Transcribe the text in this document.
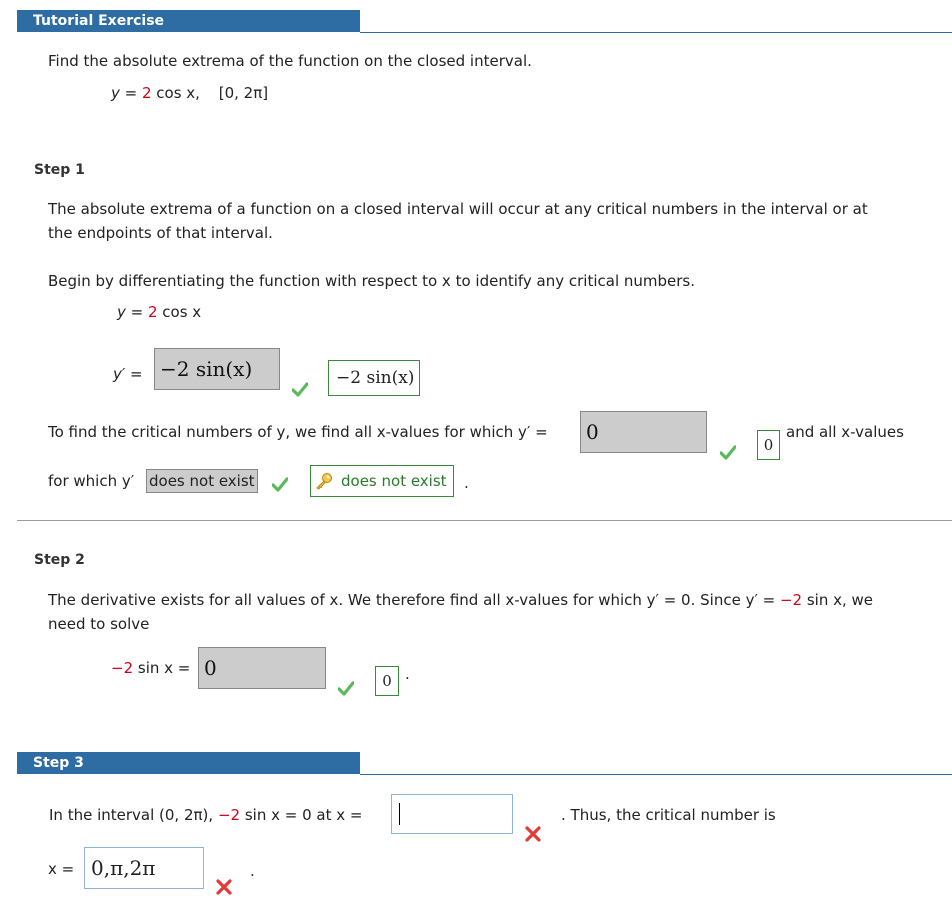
Tutorial Exercise
Find the absolute extrema of the function on the closed interval.
y = 2 cos x, [0, 2π]
Step 1
The absolute extrema of a function on a closed interval will occur at any critical numbers in the interval or at
the endpoints of that interval.
Begin by differentiating the function with respect to x to identify any critical numbers.
y = 2 cos x
y′ = −2 sin(x)	−2 sin(x)
To find the critical numbers of y, we find all x-values for which y′ =	0
0
and all x-values
for which y′ does not exist	does not exist .
Step 2
The derivative exists for all values of x. We therefore find all x-values for which y′ = 0. Since y′ = −2 sin x, we
need to solve
−2 sin x = 0
0 .
Step 3
In the interval (0, 2π), −2 sin x = 0 at x =	. Thus, the critical number is
x = 0,π,2π	.
